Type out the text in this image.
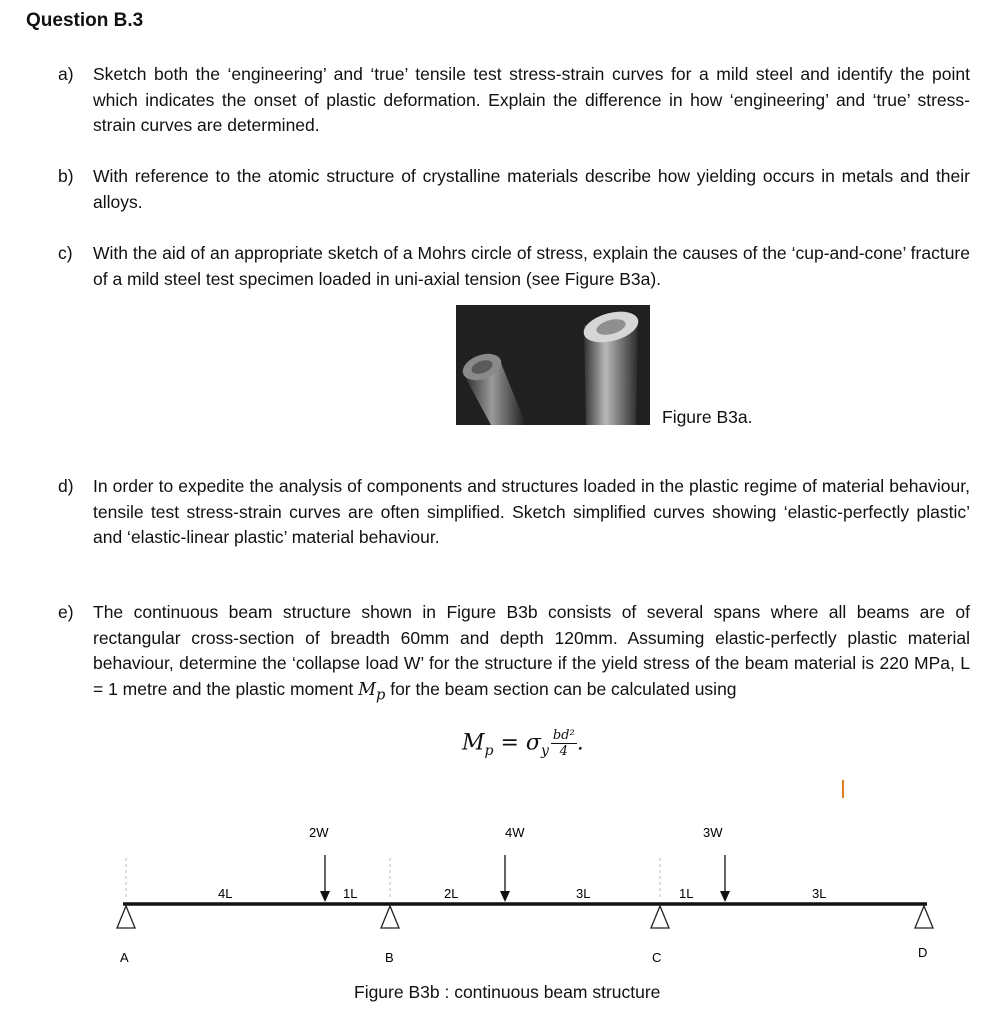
Question B.3
a) Sketch both the ‘engineering’ and ‘true’ tensile test stress-strain curves for a mild steel and identify the point which indicates the onset of plastic deformation. Explain the difference in how ‘engineering’ and ‘true’ stress-strain curves are determined.
b) With reference to the atomic structure of crystalline materials describe how yielding occurs in metals and their alloys.
c) With the aid of an appropriate sketch of a Mohrs circle of stress, explain the causes of the ‘cup-and-cone’ fracture of a mild steel test specimen loaded in uni-axial tension (see Figure B3a).
Figure B3a.
d) In order to expedite the analysis of components and structures loaded in the plastic regime of material behaviour, tensile test stress-strain curves are often simplified. Sketch simplified curves showing ‘elastic-perfectly plastic’ and ‘elastic-linear plastic’ material behaviour.
e) The continuous beam structure shown in Figure B3b consists of several spans where all beams are of rectangular cross-section of breadth 60mm and depth 120mm. Assuming elastic-perfectly plastic material behaviour, determine the ‘collapse load W’ for the structure if the yield stress of the beam material is 220 MPa, L = 1 metre and the plastic moment $M_p$ for the beam section can be calculated using
$M_p = \sigma_y \frac{\text{bd²}}{4}$ .
A	B	C	D
2W	4W	3W
4L	1L	2L	3L	1L	3L
Figure B3b : continuous beam structure
